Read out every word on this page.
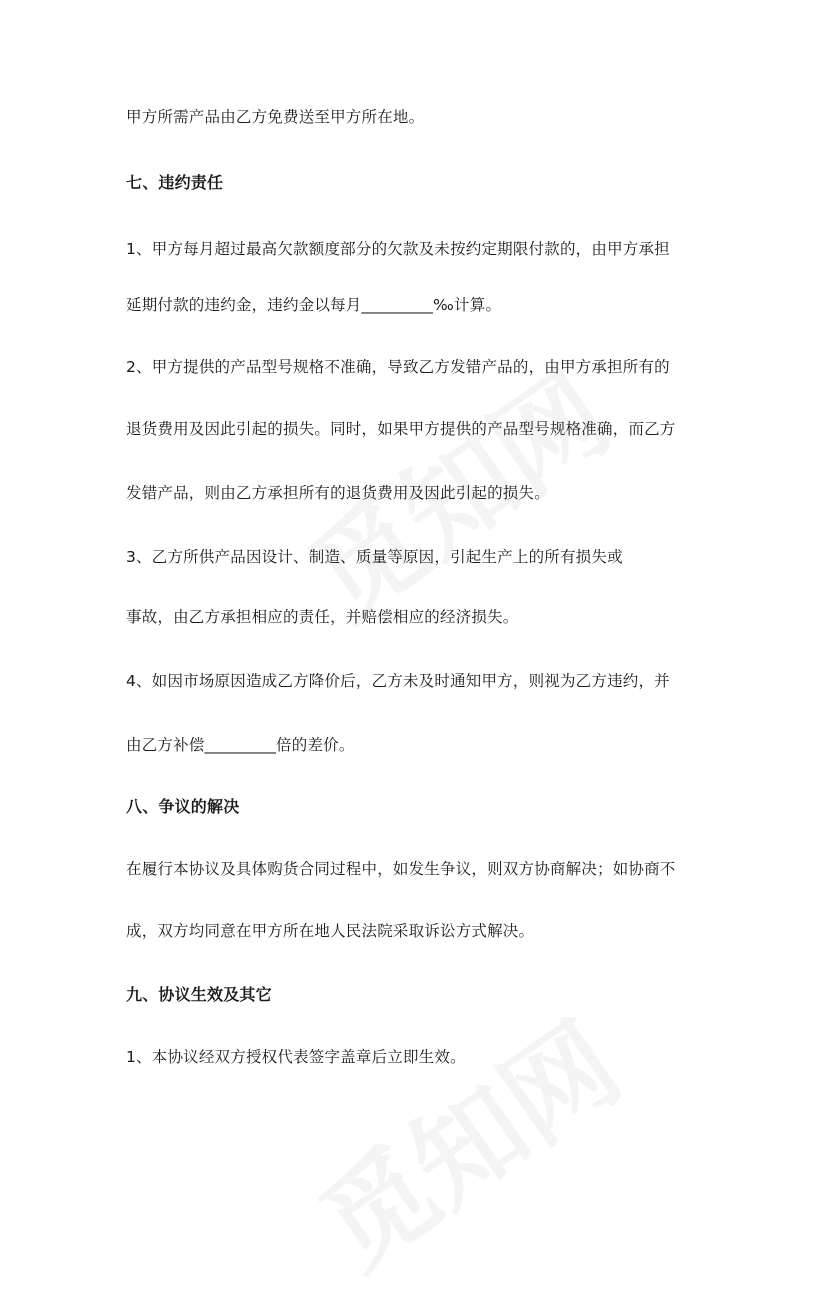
甲方所需产品由乙方免费送至甲方所在地。
七、违约责任
1、甲方每月超过最高欠款额度部分的欠款及未按约定期限付款的，由甲方承担
延期付款的违约金，违约金以每月_________‰计算。
2、甲方提供的产品型号规格不准确，导致乙方发错产品的，由甲方承担所有的
退货费用及因此引起的损失。同时，如果甲方提供的产品型号规格准确，而乙方
发错产品，则由乙方承担所有的退货费用及因此引起的损失。
3、乙方所供产品因设计、制造、质量等原因，引起生产上的所有损失或
事故，由乙方承担相应的责任，并赔偿相应的经济损失。
4、如因市场原因造成乙方降价后，乙方未及时通知甲方，则视为乙方违约，并
由乙方补偿_________倍的差价。
八、争议的解决
在履行本协议及具体购货合同过程中，如发生争议，则双方协商解决；如协商不
成，双方均同意在甲方所在地人民法院采取诉讼方式解决。
九、协议生效及其它
1、本协议经双方授权代表签字盖章后立即生效。
